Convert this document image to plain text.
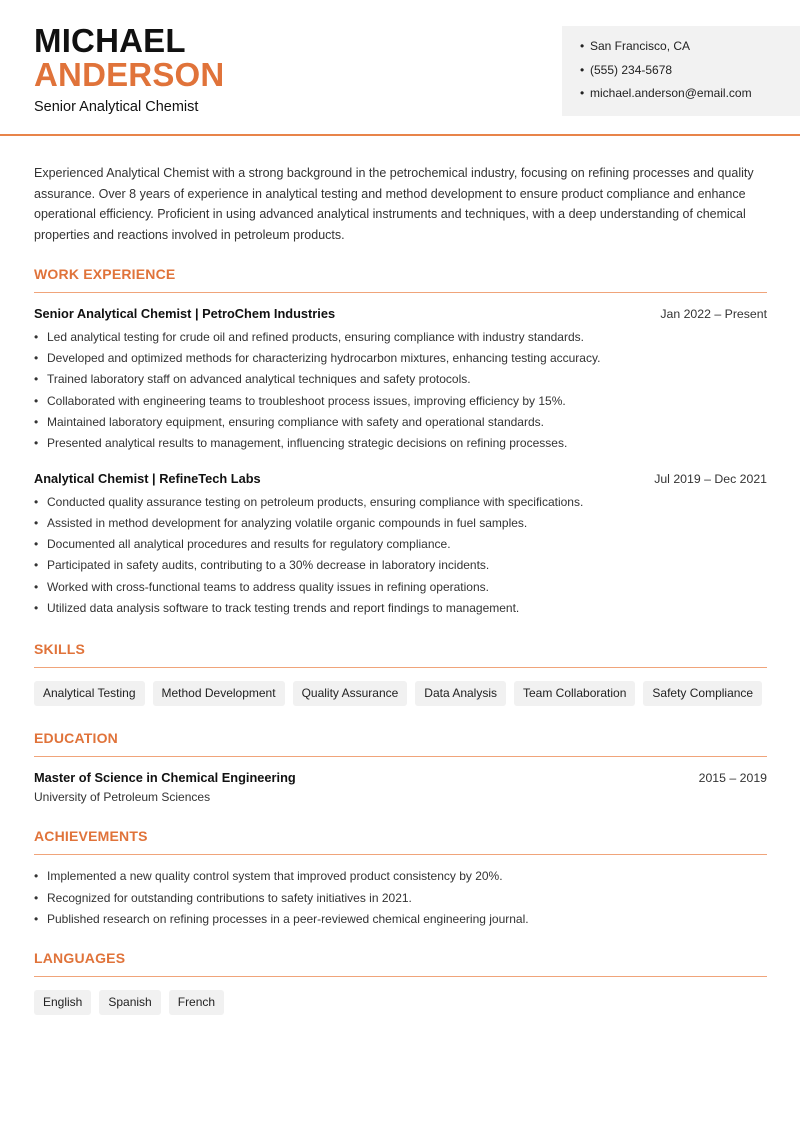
MICHAEL
ANDERSON
Senior Analytical Chemist
• San Francisco, CA
• (555) 234-5678
• michael.anderson@email.com
Experienced Analytical Chemist with a strong background in the petrochemical industry, focusing on refining processes and quality assurance. Over 8 years of experience in analytical testing and method development to ensure product compliance and enhance operational efficiency. Proficient in using advanced analytical instruments and techniques, with a deep understanding of chemical properties and reactions involved in petroleum products.
WORK EXPERIENCE
Senior Analytical Chemist | PetroChem Industries	Jan 2022 – Present
• Led analytical testing for crude oil and refined products, ensuring compliance with industry standards.
• Developed and optimized methods for characterizing hydrocarbon mixtures, enhancing testing accuracy.
• Trained laboratory staff on advanced analytical techniques and safety protocols.
• Collaborated with engineering teams to troubleshoot process issues, improving efficiency by 15%.
• Maintained laboratory equipment, ensuring compliance with safety and operational standards.
• Presented analytical results to management, influencing strategic decisions on refining processes.
Analytical Chemist | RefineTech Labs	Jul 2019 – Dec 2021
• Conducted quality assurance testing on petroleum products, ensuring compliance with specifications.
• Assisted in method development for analyzing volatile organic compounds in fuel samples.
• Documented all analytical procedures and results for regulatory compliance.
• Participated in safety audits, contributing to a 30% decrease in laboratory incidents.
• Worked with cross-functional teams to address quality issues in refining operations.
• Utilized data analysis software to track testing trends and report findings to management.
SKILLS
Analytical Testing	Method Development	Quality Assurance	Data Analysis	Team Collaboration	Safety Compliance
EDUCATION
Master of Science in Chemical Engineering	2015 – 2019
University of Petroleum Sciences
ACHIEVEMENTS
• Implemented a new quality control system that improved product consistency by 20%.
• Recognized for outstanding contributions to safety initiatives in 2021.
• Published research on refining processes in a peer-reviewed chemical engineering journal.
LANGUAGES
English	Spanish	French
